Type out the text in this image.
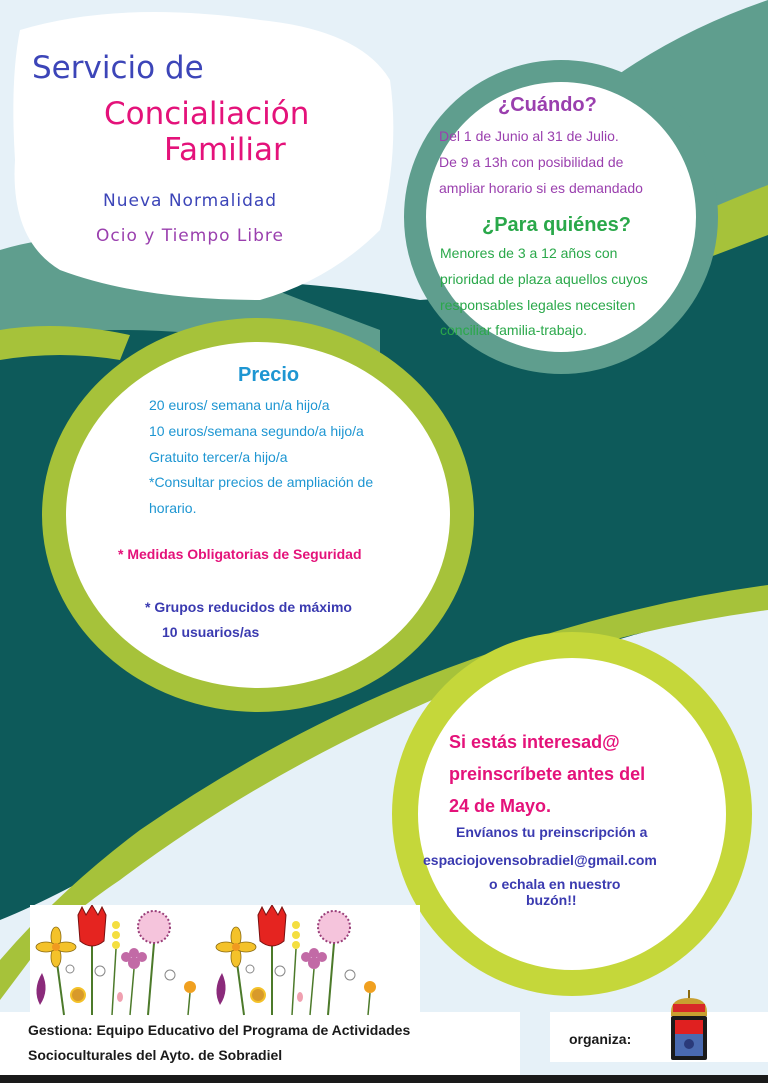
Servicio de
Concialiación
Familiar
Nueva Normalidad
Ocio y Tiempo Libre
¿Cuándo?
Del 1 de Junio al 31 de Julio.
De 9 a 13h con posibilidad de
ampliar horario si es demandado
¿Para quiénes?
Menores de 3 a 12 años con
prioridad de plaza aquellos cuyos
responsables legales necesiten
conciliar familia-trabajo.
Precio
20 euros/ semana un/a hijo/a
10 euros/semana segundo/a hijo/a
Gratuito tercer/a hijo/a
*Consultar precios de ampliación de
horario.
* Medidas Obligatorias de Seguridad
* Grupos reducidos de máximo
10 usuarios/as
Si estás interesad@
preinscríbete antes del
24 de Mayo.
Envíanos tu preinscripción a
espaciojovensobradiel@gmail.com
o echala en nuestro
buzón!!
Gestiona: Equipo Educativo del Programa de Actividades
Socioculturales del Ayto. de Sobradiel
organiza:
